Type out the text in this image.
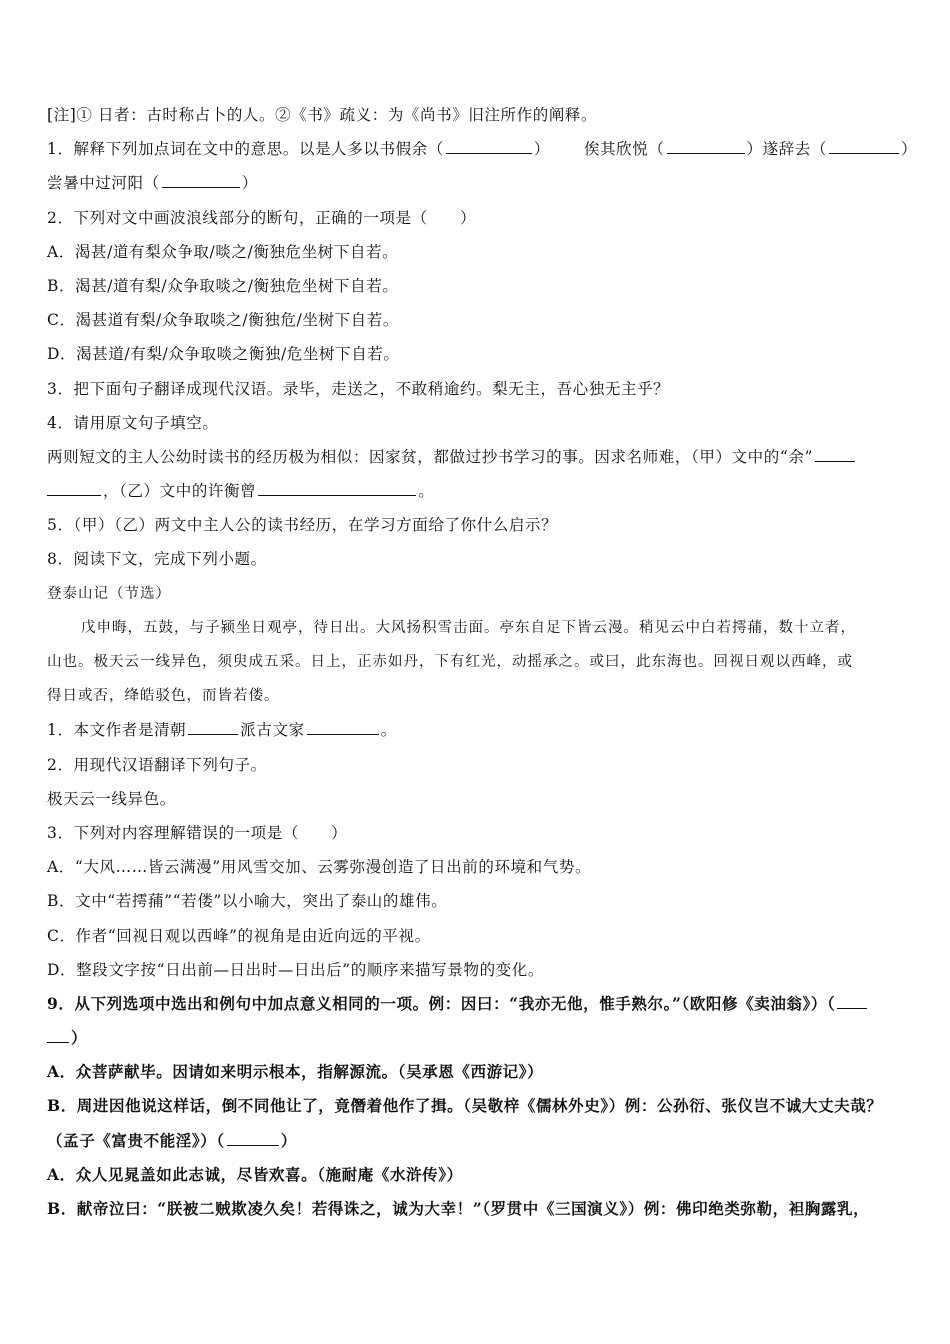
[注]① 日者：古时称占卜的人。②《书》疏义：为《尚书》旧注所作的阐释。
1．解释下列加点词在文中的意思。以是人多以书假余（	） 俟其欣悦（	）遂辞去（	）
尝暑中过河阳（	）
2．下列对文中画波浪线部分的断句，正确的一项是（　　）
A．渴甚/道有梨众争取/啖之/衡独危坐树下自若。
B．渴甚/道有梨/众争取啖之/衡独危坐树下自若。
C．渴甚道有梨/众争取啖之/衡独危/坐树下自若。
D．渴甚道/有梨/众争取啖之衡独/危坐树下自若。
3．把下面句子翻译成现代汉语。录毕，走送之，不敢稍逾约。梨无主，吾心独无主乎？
4．请用原文句子填空。
两则短文的主人公幼时读书的经历极为相似：因家贫，都做过抄书学习的事。因求名师难，（甲）文中的“余”
，（乙）文中的许衡曾	。
5．（甲）（乙）两文中主人公的读书经历，在学习方面给了你什么启示？
8．阅读下文，完成下列小题。
登泰山记（节选）
戊申晦，五鼓，与子颍坐日观亭，待日出。大风扬积雪击面。亭东自足下皆云漫。稍见云中白若摴蒱，数十立者，
山也。极天云一线异色，须臾成五采。日上，正赤如丹，下有红光，动摇承之。或曰，此东海也。回视日观以西峰，或
得日或否，绛皓驳色，而皆若偻。
1．本文作者是清朝	派古文家	。
2．用现代汉语翻译下列句子。
极天云一线异色。
3．下列对内容理解错误的一项是（　　）
A．“大风……皆云满漫”用风雪交加、云雾弥漫创造了日出前的环境和气势。
B．文中“若摴蒱”“若偻”以小喻大，突出了泰山的雄伟。
C．作者“回视日观以西峰”的视角是由近向远的平视。
D．整段文字按“日出前—日出时—日出后”的顺序来描写景物的变化。
9．从下列选项中选出和例句中加点意义相同的一项。例：因曰：“我亦无他，惟手熟尔。”（欧阳修《卖油翁》）（
）
A．众菩萨献毕。因请如来明示根本，指解源流。（吴承恩《西游记》）
B．周进因他说这样话，倒不同他让了，竟僭着他作了揖。（吴敬梓《儒林外史》）例：公孙衍、张仪岂不诚大丈夫哉？
（孟子《富贵不能淫》）（	）
A．众人见晁盖如此志诚，尽皆欢喜。（施耐庵《水浒传》）
B．献帝泣曰：“朕被二贼欺凌久矣！若得诛之，诚为大幸！”（罗贯中《三国演义》）例：佛印绝类弥勒，袒胸露乳，
